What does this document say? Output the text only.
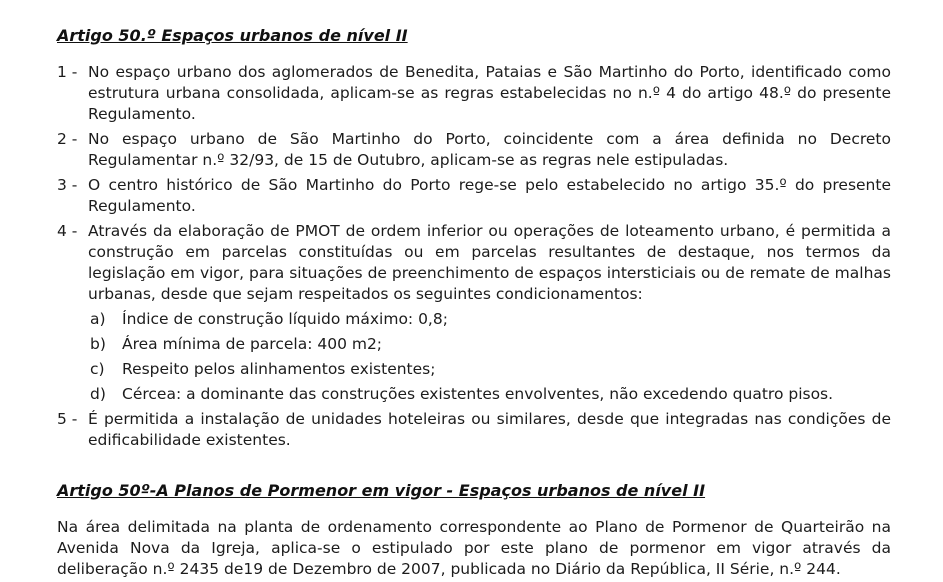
Artigo 50.º Espaços urbanos de nível II
1 - No espaço urbano dos aglomerados de Benedita, Pataias e São Martinho do Porto, identificado como estrutura urbana consolidada, aplicam-se as regras estabelecidas no n.º 4 do artigo 48.º do presente Regulamento.
2 - No espaço urbano de São Martinho do Porto, coincidente com a área definida no Decreto Regulamentar n.º 32/93, de 15 de Outubro, aplicam-se as regras nele estipuladas.
3 - O centro histórico de São Martinho do Porto rege-se pelo estabelecido no artigo 35.º do presente Regulamento.
4 - Através da elaboração de PMOT de ordem inferior ou operações de loteamento urbano, é permitida a construção em parcelas constituídas ou em parcelas resultantes de destaque, nos termos da legislação em vigor, para situações de preenchimento de espaços intersticiais ou de remate de malhas urbanas, desde que sejam respeitados os seguintes condicionamentos:
a)	Índice de construção líquido máximo: 0,8;
b)	Área mínima de parcela: 400 m2;
c)	Respeito pelos alinhamentos existentes;
d)	Cércea: a dominante das construções existentes envolventes, não excedendo quatro pisos.
5 - É permitida a instalação de unidades hoteleiras ou similares, desde que integradas nas condições de edificabilidade existentes.
Artigo 50º-A Planos de Pormenor em vigor - Espaços urbanos de nível II

Na área delimitada na planta de ordenamento correspondente ao Plano de Pormenor de Quarteirão na Avenida Nova da Igreja, aplica-se o estipulado por este plano de pormenor em vigor através da deliberação n.º 2435 de19 de Dezembro de 2007, publicada no Diário da República, II Série, n.º 244.
